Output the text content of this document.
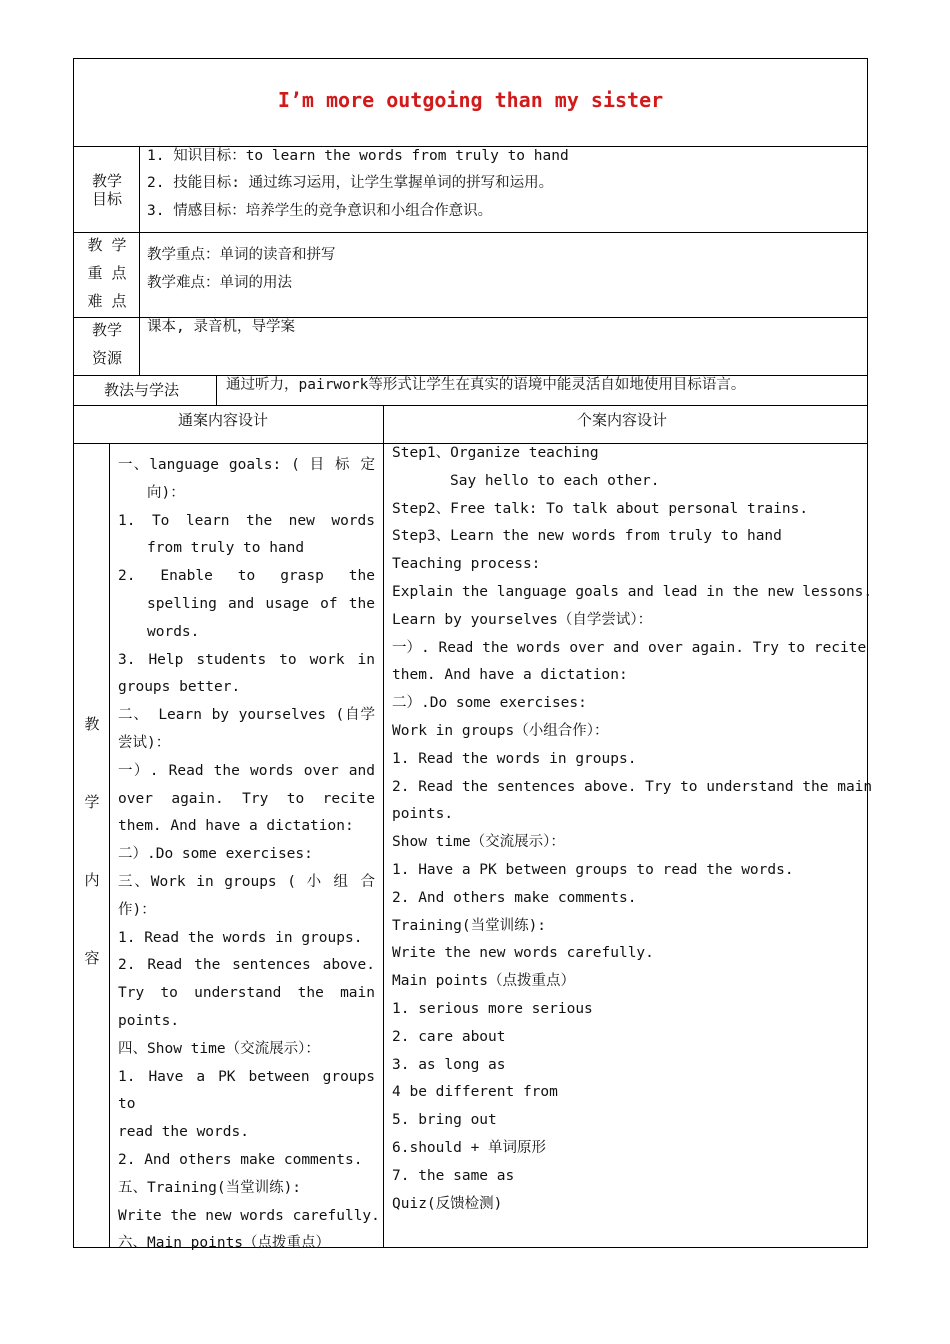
I’m more outgoing than my sister
教学
目标
1. 知识目标：to learn the words from truly to hand
2. 技能目标: 通过练习运用，让学生掌握单词的拼写和运用。
3. 情感目标：培养学生的竞争意识和小组合作意识。
教 学
重 点
难 点
教学重点：单词的读音和拼写
教学难点：单词的用法
教学
资源
课本, 录音机，导学案
教法与学法	通过听力，pairwork等形式让学生在真实的语境中能灵活自如地使用目标语言。
通案内容设计	个案内容设计
教
学
内
容
一、language goals: ( 目 标 定
向)：
1. To learn the new words
from truly to hand
2. Enable to grasp the
spelling and usage of the
words.
3. Help students to work in
groups better.
二、 Learn by yourselves (自学
尝试)：
一）. Read the words over and
over again. Try to recite
them. And have a dictation:
二）.Do some exercises:
三、Work in groups ( 小 组 合
作)：
1. Read the words in groups.
2. Read the sentences above.
Try to understand the main
points.
四、Show time（交流展示）：
1. Have a PK between groups to
read the words.
2. And others make comments.
五、Training(当堂训练):
Write the new words carefully.
六、Main points（点拨重点）
Step1、Organize teaching
Say hello to each other.
Step2、Free talk: To talk about personal trains.
Step3、Learn the new words from truly to hand
Teaching process:
Explain the language goals and lead in the new lessons.
Learn by yourselves（自学尝试）：
一）. Read the words over and over again. Try to recite
them. And have a dictation:
二）.Do some exercises:
Work in groups（小组合作）：
1. Read the words in groups.
2. Read the sentences above. Try to understand the main
points.
Show time（交流展示）：
1. Have a PK between groups to read the words.
2. And others make comments.
Training(当堂训练):
Write the new words carefully.
Main points（点拨重点）
1. serious more serious
2. care about
3. as long as
4 be different from
5. bring out
6.should + 单词原形
7. the same as
Quiz(反馈检测)
